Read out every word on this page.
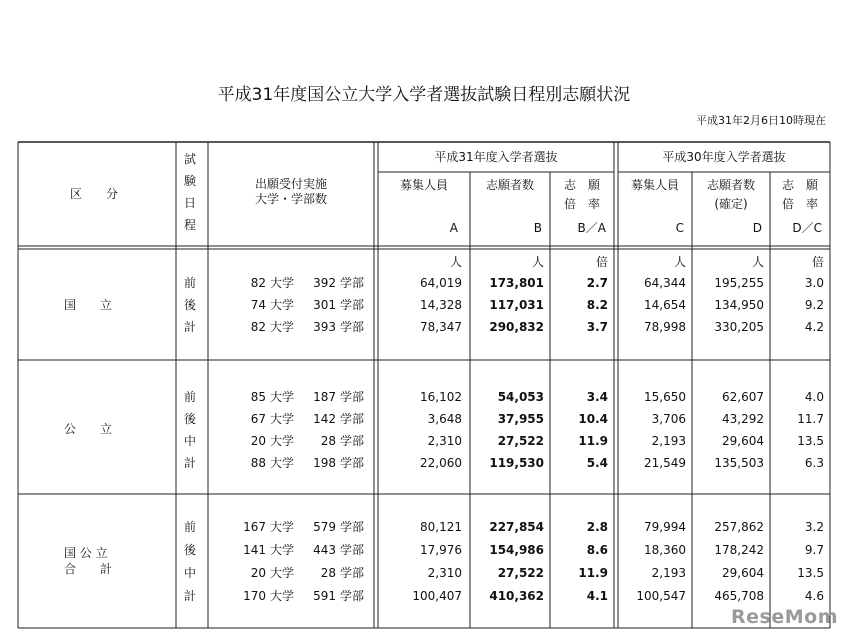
平成31年度国公立大学入学者選抜試験日程別志願状況
平成31年2月6日10時現在
区　　分
試
験
日
程
出願受付実施
大学・学部数
平成31年度入学者選抜	平成30年度入学者選抜
募集人員	志願者数	志　願
倍　率
募集人員	志願者数
(確定)
志　願
倍　率
A	B	B／A	C	D	D／C
人	人	倍	人	人	倍
国　　立
前	82 大学	392 学部	64,019	173,801	2.7	64,344	195,255	3.0
後	74 大学	301 学部	14,328	117,031	8.2	14,654	134,950	9.2
計	82 大学	393 学部	78,347	290,832	3.7	78,998	330,205	4.2
公　　立
前	85 大学	187 学部	16,102	54,053	3.4	15,650	62,607	4.0
後	67 大学	142 学部	3,648	37,955	10.4	3,706	43,292	11.7
中	20 大学	28 学部	2,310	27,522	11.9	2,193	29,604	13.5
計	88 大学	198 学部	22,060	119,530	5.4	21,549	135,503	6.3
国 公 立
合　　計
前	167 大学	579 学部	80,121	227,854	2.8	79,994	257,862	3.2
後	141 大学	443 学部	17,976	154,986	8.6	18,360	178,242	9.7
中	20 大学	28 学部	2,310	27,522	11.9	2,193	29,604	13.5
計	170 大学	591 学部	100,407	410,362	4.1	100,547	465,708	4.6
ReseMom
